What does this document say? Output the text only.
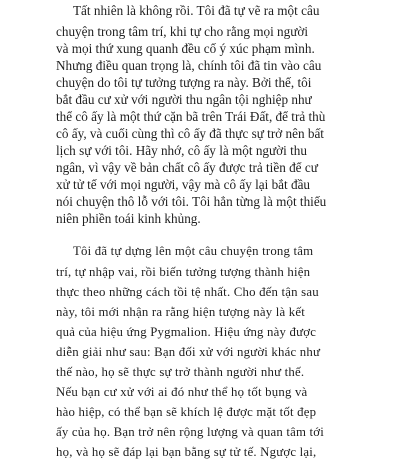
Tất nhiên là không rồi. Tôi đã tự vẽ ra một câu
chuyện trong tâm trí, khi tự cho rằng mọi người
và mọi thứ xung quanh đều cố ý xúc phạm mình.
Nhưng điều quan trọng là, chính tôi đã tin vào câu
chuyện do tôi tự tưởng tượng ra này. Bởi thế, tôi
bắt đầu cư xử với người thu ngân tội nghiệp như
thể cô ấy là một thứ cặn bã trên Trái Đất, để trả thù
cô ấy, và cuối cùng thì cô ấy đã thực sự trở nên bất
lịch sự với tôi. Hãy nhớ, cô ấy là một người thu
ngân, vì vậy về bản chất cô ấy được trả tiền để cư
xử tử tế với mọi người, vậy mà cô ấy lại bắt đầu
nói chuyện thô lỗ với tôi. Tôi hẳn từng là một thiếu
niên phiền toái kinh khủng.
Tôi đã tự dựng lên một câu chuyện trong tâm
trí, tự nhập vai, rồi biến tưởng tượng thành hiện
thực theo những cách tồi tệ nhất. Cho đến tận sau
này, tôi mới nhận ra rằng hiện tượng này là kết
quả của hiệu ứng Pygmalion. Hiệu ứng này được
diễn giải như sau: Bạn đối xử với người khác như
thế nào, họ sẽ thực sự trở thành người như thế.
Nếu bạn cư xử với ai đó như thể họ tốt bụng và
hào hiệp, có thể bạn sẽ khích lệ được mặt tốt đẹp
ấy của họ. Bạn trở nên rộng lượng và quan tâm tới
họ, và họ sẽ đáp lại bạn bằng sự tử tế. Ngược lại,
